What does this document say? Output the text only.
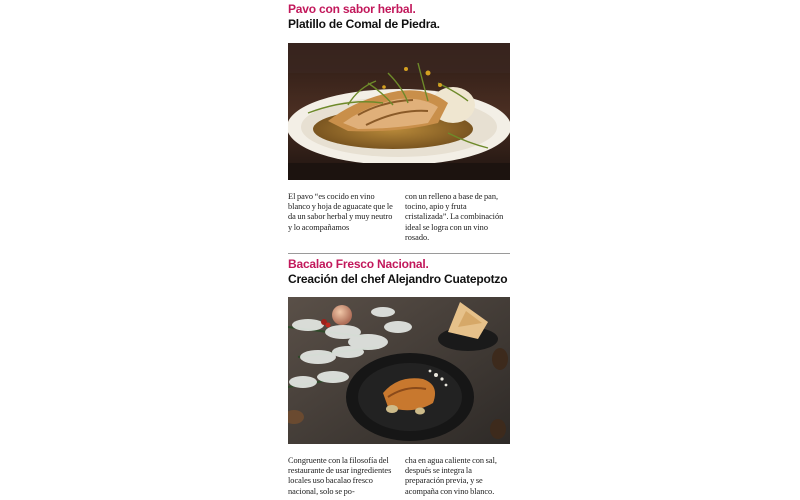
Pavo con sabor herbal.
Platillo de Comal de Piedra.
El pavo “es cocido en vino blanco y hoja de aguacate que le da un sabor herbal y muy neutro y lo acompañamos
con un relleno a base de pan, tocino, apio y fruta cristalizada”. La combinación ideal se logra con un vino rosado.
Bacalao Fresco Nacional.
Creación del chef Alejandro Cuatepotzo
Congruente con la filosofía del restaurante de usar ingredientes locales uso bacalao fresco nacional, solo se po-
cha en agua caliente con sal, después se integra la preparación previa, y se acompaña con vino blanco.
